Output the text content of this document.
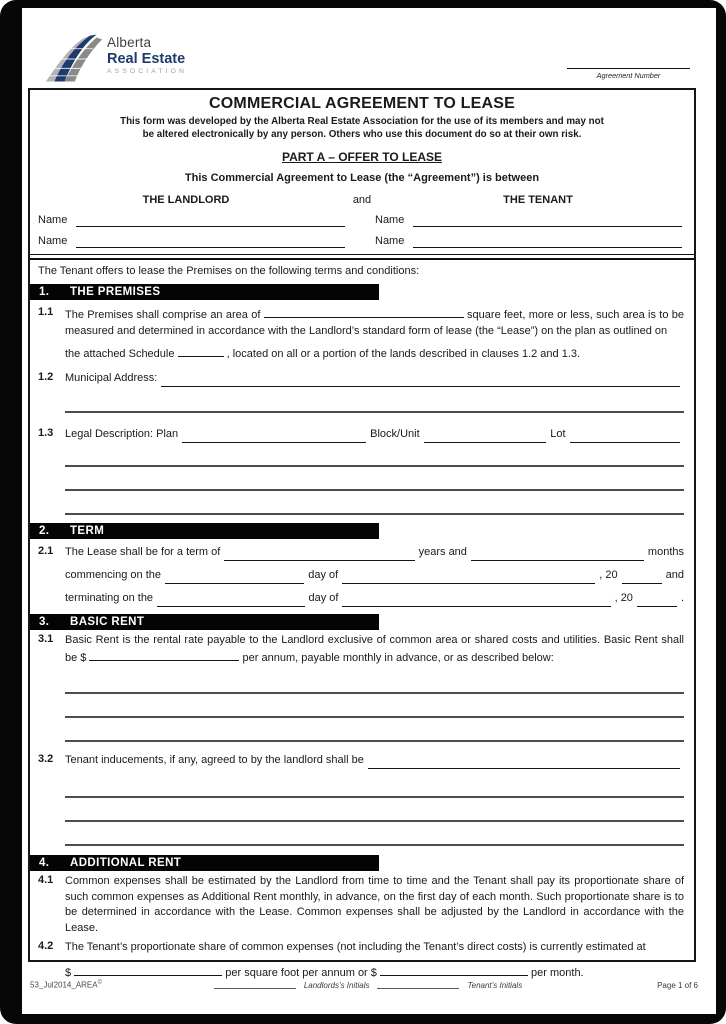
Alberta
Real Estate
ASSOCIATION	Agreement Number
COMMERCIAL AGREEMENT TO LEASE
This form was developed by the Alberta Real Estate Association for the use of its members and may not
be altered electronically by any person. Others who use this document do so at their own risk.
PART A – OFFER TO LEASE
This Commercial Agreement to Lease (the “Agreement”) is between
THE LANDLORD	and	THE TENANT
Name	Name
Name	Name
The Tenant offers to lease the Premises on the following terms and conditions:
1.	THE PREMISES
1.1	The Premises shall comprise an area of	square feet, more or less, such area is to be measured and determined in accordance with the Landlord’s standard form of lease (the “Lease”) on the plan as outlined on
the attached Schedule	, located on all or a portion of the lands described in clauses 1.2 and 1.3.
1.2	Municipal Address:
1.3	Legal Description: Plan	Block/Unit	Lot
2.	TERM
2.1	The Lease shall be for a term of	years and	months
commencing on the	day of	, 20	and
terminating on the	day of	, 20	.
3.	BASIC RENT
3.1	Basic Rent is the rental rate payable to the Landlord exclusive of common area or shared costs and utilities. Basic Rent shall be $	per annum, payable monthly in advance, or as described below:
3.2	Tenant inducements, if any, agreed to by the landlord shall be
4.	ADDITIONAL RENT
4.1	Common expenses shall be estimated by the Landlord from time to time and the Tenant shall pay its proportionate share of such common expenses as Additional Rent monthly, in advance, on the first day of each month. Such proportionate share is to be determined in accordance with the Lease. Common expenses shall be adjusted by the Landlord in accordance with the Lease.
4.2	The Tenant’s proportionate share of common expenses (not including the Tenant’s direct costs) is currently estimated at
$	per square foot per annum or $	per month.
53_Jul2014_AREA©	Landlords’s Initials	Tenant’s Initials	Page 1 of 6
